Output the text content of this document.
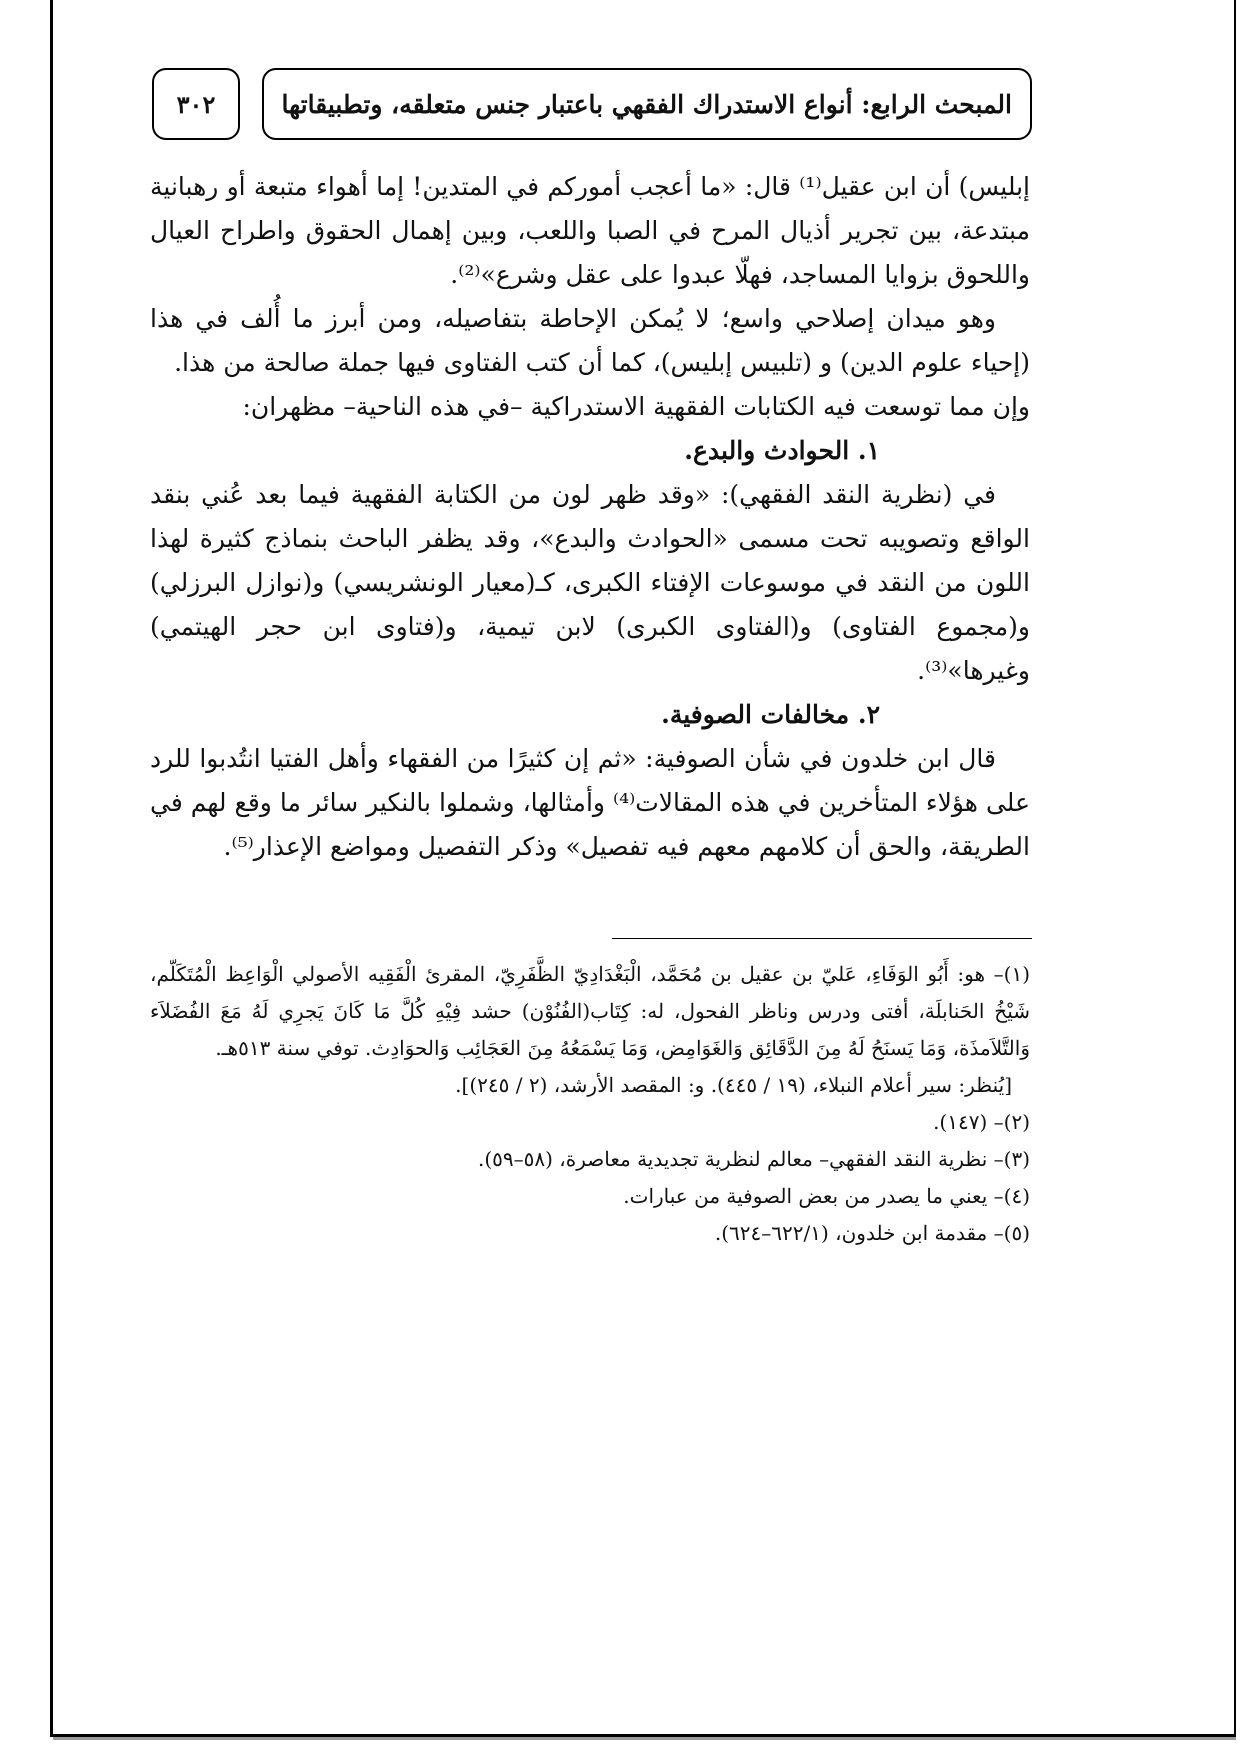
٣٠٢	المبحث الرابع: أنواع الاستدراك الفقهي باعتبار جنس متعلقه، وتطبيقاتها

إبليس) أن ابن عقيل⁽¹⁾ قال: «ما أعجب أموركم في المتدين! إما أهواء متبعة أو رهبانية مبتدعة، بين تجرير أذيال المرح في الصبا واللعب، وبين إهمال الحقوق واطراح العيال واللحوق بزوايا المساجد، فهلّا عبدوا على عقل وشرع»⁽²⁾.

وهو ميدان إصلاحي واسع؛ لا يُمكن الإحاطة بتفاصيله، ومن أبرز ما أُلف في هذا (إحياء علوم الدين) و (تلبيس إبليس)، كما أن كتب الفتاوى فيها جملة صالحة من هذا.

وإن مما توسعت فيه الكتابات الفقهية الاستدراكية –في هذه الناحية– مظهران:

١. الحوادث والبدع.

في (نظرية النقد الفقهي): «وقد ظهر لون من الكتابة الفقهية فيما بعد عُني بنقد الواقع وتصويبه تحت مسمى «الحوادث والبدع»، وقد يظفر الباحث بنماذج كثيرة لهذا اللون من النقد في موسوعات الإفتاء الكبرى، كـ(معيار الونشريسي) و(نوازل البرزلي) و(مجموع الفتاوى) و(الفتاوى الكبرى) لابن تيمية، و(فتاوى ابن حجر الهيتمي) وغيرها»⁽³⁾.

٢. مخالفات الصوفية.

قال ابن خلدون في شأن الصوفية: «ثم إن كثيرًا من الفقهاء وأهل الفتيا انتُدبوا للرد على هؤلاء المتأخرين في هذه المقالات⁽⁴⁾ وأمثالها، وشملوا بالنكير سائر ما وقع لهم في الطريقة، والحق أن كلامهم معهم فيه تفصيل» وذكر التفصيل ومواضع الإعذار⁽⁵⁾.

(١)– هو: أَبُو الوَفَاءِ، عَليّ بن عقيل بن مُحَمَّد، الْبَغْدَادِيّ الظَّفَرِيّ، المقرئ الْفَقِيه الأصولي الْوَاعِظ الْمُتَكَلّم، شَيْخُ الحَنابلَة، أفتى ودرس وناظر الفحول، له: كِتَاب(الفُنُوْن) حشد فِيْهِ كُلَّ مَا كَانَ يَجرِي لَهُ مَعَ الفُضَلاَء وَالتَّلاَمذَة، وَمَا يَسنَحُ لَهُ مِنَ الدَّقَائِق وَالغَوَامِض، وَمَا يَسْمَعُهُ مِنَ العَجَائِب وَالحوَادِث. توفي سنة ٥١٣هـ.

[يُنظر: سير أعلام النبلاء، (١٩ / ٤٤٥). و: المقصد الأرشد، (٢ / ٢٤٥)].

(٢)– (١٤٧).

(٣)– نظرية النقد الفقهي– معالم لنظرية تجديدية معاصرة، (٥٨–٥٩).

(٤)– يعني ما يصدر من بعض الصوفية من عبارات.

(٥)– مقدمة ابن خلدون، (٦٢٢/١–٦٢٤).
